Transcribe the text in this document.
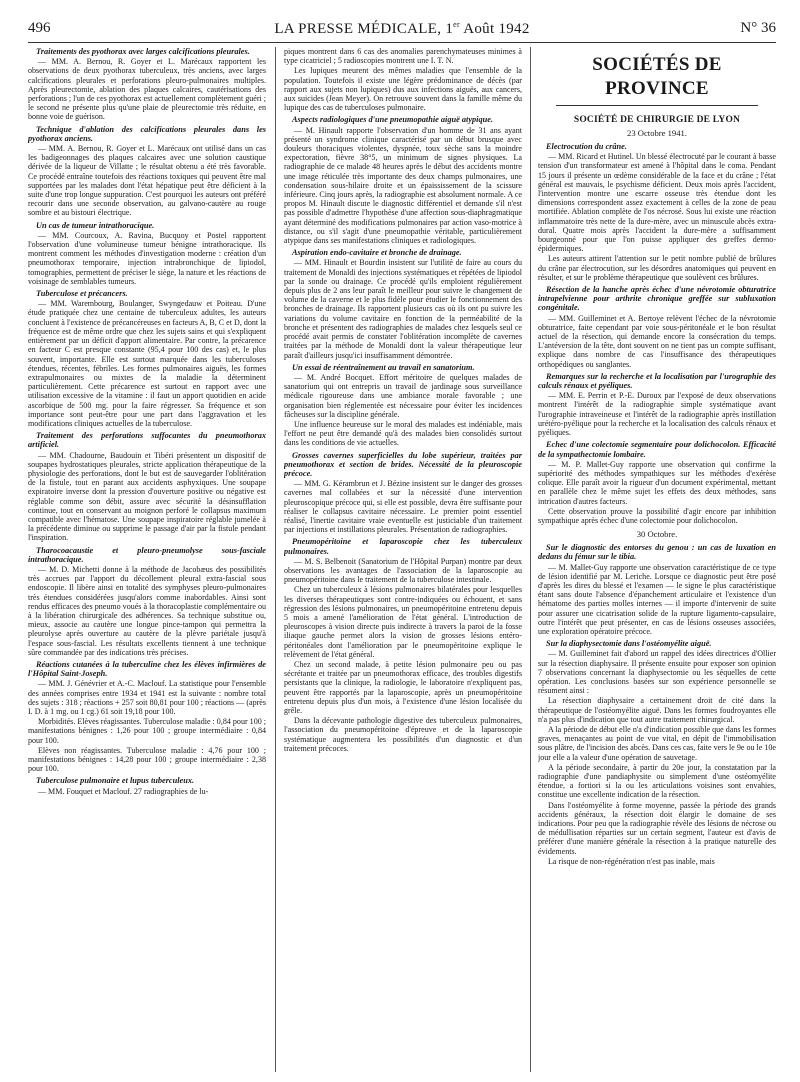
496	LA PRESSE MÉDICALE, 1er Août 1942	N° 36
Traitements des pyothorax avec larges calcifications pleurales.

— MM. A. Bernou, R. Goyer et L. Marécaux rapportent les observations de deux pyothorax tuberculeux, très anciens, avec larges calcifications pleurales et perforations pleuro-pulmonaires multiples. Après pleurectomie, ablation des plaques calcaires, cautérisations des perforations ; l'un de ces pyothorax est actuellement complètement guéri ; le second ne présente plus qu'une plaie de pleurectomie très réduite, en bonne voie de guérison.

Technique d'ablation des calcifications pleurales dans les pyothorax anciens.

— MM. A. Bernou, R. Goyer et L. Marécaux ont utilisé dans un cas les badigeonnages des plaques calcaires avec une solution caustique dérivée de la liqueur de Villatte ; le résultat obtenu a été très favorable. Ce procédé entraîne toutefois des réactions toxiques qui peuvent être mal supportées par les malades dont l'état hépatique peut être déficient à la suite d'une trop longue suppuration. C'est pourquoi les auteurs ont préféré recourir dans une seconde observation, au galvano-cautère au rouge sombre et au bistouri électrique.

Un cas de tumeur intrathoracique.

— MM. Courcoux, A. Ravina, Bucquoy et Postel rapportent l'observation d'une volumineuse tumeur bénigne intrathoracique. Ils montrent comment les méthodes d'investigation moderne : création d'un pneumothorax temporaire, injection intrabronchique de lipiodol, tomographies, permettent de préciser le siège, la nature et les réactions de voisinage de semblables tumeurs.

Tuberculose et précancers.

— MM. Warembourg, Boulanger, Swyngedauw et Poiteau. D'une étude pratiquée chez une centaine de tuberculeux adultes, les auteurs concluent à l'existence de précancéreuses en facteurs A, B, C et D, dont la fréquence est de même ordre que chez les sujets sains et qui s'expliquent entièrement par un déficit d'apport alimentaire. Par contre, la précarence en facteur C est presque constante (95,4 pour 100 des cas) et, le plus souvent, importante. Elle est surtout marquée dans les tuberculoses étendues, récentes, fébriles. Les formes pulmonaires aiguës, les formes extrapulmonaires ou mixtes de la maladie la déterminent particulièrement. Cette précarence est surtout en rapport avec une utilisation excessive de la vitamine : il faut un apport quotidien en acide ascorbique de 500 mg. pour la faire régresser. Sa fréquence et son importance sont peut-être pour une part dans l'aggravation et les modifications cliniques actuelles de la tuberculose.

Traitement des perforations suffocantes du pneumothorax artificiel.

— MM. Chadourne, Baudouin et Tibéri présentent un dispositif de soupapes hydrostatiques pleurales, stricte application thérapeutique de la physiologie des perforations, dont le but est de sauvegarder l'oblitération de la fistule, tout en parant aux accidents asphyxiques. Une soupape expiratoire inverse dont la pression d'ouverture positive ou négative est réglable comme son débit, assure avec sécurité la désinsufflation continue, tout en conservant au moignon perforé le collapsus maximum compatible avec l'hématose. Une soupape inspiratoire réglable jumelée à la précédente diminue ou supprime le passage d'air par la fistule pendant l'inspiration.

Tharocoacaustie et pleuro-pneumolyse sous-fasciale intrathoracique.

— M. D. Michetti donne à la méthode de Jacobæus des possibilités très accrues par l'apport du décollement pleural extra-fascial sous endoscopie. Il libère ainsi en totalité des symphyses pleuro-pulmonaires très étendues considérées jusqu'alors comme inabordables. Ainsi sont rendus efficaces des pneumo voués à la thoracoplastie complémentaire ou à la libération chirurgicale des adhérences. Sa technique substitue ou, mieux, associe au cautère une longue pince-tampon qui permettra la pleurolyse après ouverture au cautère de la plèvre pariétale jusqu'à l'espace sous-fascial. Les résultats excellents tiennent à une technique sûre commandée par des indications très précises.

Réactions cutanées à la tuberculine chez les élèves infirmières de l'Hôpital Saint-Joseph.

— MM. J. Génévrier et A.-C. Maclouf. La statistique pour l'ensemble des années comprises entre 1934 et 1941 est la suivante : nombre total des sujets : 318 ; réactions + 257 soit 80,81 pour 100 ; réactions — (après I. D. à 1 mg. ou 1 cg.) 61 soit 19,18 pour 100.

Morbidités. Elèves réagissantes. Tuberculose maladie : 0,84 pour 100 ; manifestations bénignes : 1,26 pour 100 ; groupe intermédiaire : 0,84 pour 100.

Elèves non réagissantes. Tuberculose maladie : 4,76 pour 100 ; manifestations bénignes : 14,28 pour 100 ; groupe intermédiaire : 2,38 pour 100.

Tuberculose pulmonaire et lupus tuberculeux.

— MM. Fouquet et Maclouf. 27 radiographies de lu-

piques montrent dans 6 cas des anomalies parenchymateuses minimes à type cicatriciel ; 5 radioscopies montrent une I. T. N.

Les lupiques meurent des mêmes maladies que l'ensemble de la population. Toutefois il existe une légère prédominance de décès (par rapport aux sujets non lupiques) dus aux infections aiguës, aux cancers, aux suicides (Jean Meyer). On retrouve souvent dans la famille même du lupique des cas de tuberculoses pulmonaire.

Aspects radiologiques d'une pneumopathie aiguë atypique.

— M. Hinault rapporte l'observation d'un homme de 31 ans ayant présenté un syndrome clinique caractérisé par un début brusque avec douleurs thoraciques violentes, dyspnée, toux sèche sans la moindre expectoration, fièvre 38°5, un minimum de signes physiques. La radiographie de ce malade 48 heures après le début des accidents montre une image réticulée très importante des deux champs pulmonaires, une condensation sous-hilaire droite et un épaississement de la scissure inférieure. Cinq jours après, la radiographie est absolument normale. A ce propos M. Hinault discute le diagnostic différentiel et demande s'il n'est pas possible d'admettre l'hypothèse d'une affection sous-diaphragmatique ayant déterminé des modifications pulmonaires par action vaso-motrice à distance, ou s'il s'agit d'une pneumopathie véritable, particulièrement atypique dans ses manifestations cliniques et radiologiques.

Aspiration endo-cavitaire et bronche de drainage.

— MM. Hinault et Bourdin insistent sur l'utilité de faire au cours du traitement de Monaldi des injections systématiques et répétées de lipiodol par la sonde ou drainage. Ce procédé qu'ils emploient régulièrement depuis plus de 2 ans leur paraît le meilleur pour suivre le changement de volume de la caverne et le plus fidèle pour étudier le fonctionnement des bronches de drainage. Ils rapportent plusieurs cas où ils ont pu suivre les variations du volume cavitaire en fonction de la perméabilité de la bronche et présentent des radiographies de malades chez lesquels seul ce procédé avait permis de constater l'oblitération incomplète de cavernes traitées par la méthode de Monaldi dont la valeur thérapeutique leur paraît d'ailleurs jusqu'ici insuffisamment démontrée.

Un essai de réentraînement au travail en sanatorium.

— M. André Bocquet. Effort méritoire de quelques malades de sanatorium qui ont entrepris un travail de jardinage sous surveillance médicale rigoureuse dans une ambiance morale favorable ; une organisation bien réglementée est nécessaire pour éviter les incidences fâcheuses sur la discipline générale.

Une influence heureuse sur le moral des malades est indéniable, mais l'effort ne peut être demandé qu'à des malades bien consolidés surtout dans les conditions de vie actuelles.

Grosses cavernes superficielles du lobe supérieur, traitées par pneumothorax et section de brides. Nécessité de la pleuroscopie précoce.

— MM. G. Kérambrun et J. Bézine insistent sur le danger des grosses cavernes mal collabées et sur la nécessité d'une intervention pleuroscopique précoce qui, si elle est possible, devra être suffisante pour réaliser le collapsus cavitaire nécessaire. Le premier point essentiel réalisé, l'inertie cavitaire vraie eventuelle est justiciable d'un traitement par injections et instillations pleurales. Présentation de radiographies.

Pneumopéritoine et laparoscopie chez les tuberculeux pulmonaires.

— M. S. Belbenoit (Sanatorium de l'Hôpital Purpan) montre par deux observations les avantages de l'association de la laparoscopie au pneumopéritoine dans le traitement de la tuberculose intestinale.

Chez un tuberculeux à lésions pulmonaires bilatérales pour lesquelles les diverses thérapeutiques sont contre-indiquées ou échouent, et sans régression des lésions pulmonaires, un pneumopéritoine entretenu depuis 5 mois a amené l'amélioration de l'état général. L'introduction de pleuroscopes à vision directe puis indirecte à travers la paroi de la fosse iliaque gauche permet alors la vision de grosses lésions entéro-péritonéales dont l'amélioration par le pneumopéritoine explique le relèvement de l'état général.

Chez un second malade, à petite lésion pulmonaire peu ou pas sécrétante et traitée par un pneumothorax efficace, des troubles digestifs persistants que la clinique, la radiologie, le laboratoire n'expliquent pas, peuvent être rapportés par la laparoscopie, après un pneumopéritoine entretenu depuis plus d'un mois, à l'existence d'une lésion localisée du grêle.

Dans la décevante pathologie digestive des tuberculeux pulmonaires, l'association du pneumopéritoine d'épreuve et de la laparoscopie systématique augmentera les possibilités d'un diagnostic et d'un traitement précoces.

SOCIÉTÉS DE PROVINCE
SOCIÉTÉ DE CHIRURGIE DE LYON
23 Octobre 1941.
Electrocution du crâne.

— MM. Ricard et Hutinel. Un blessé électrocuté par le courant à basse tension d'un transformateur est amené à l'hôpital dans le coma. Pendant 15 jours il présente un œdème considérable de la face et du crâne ; l'état général est mauvais, le psychisme déficient. Deux mois après l'accident, l'intervention montre une escarre osseuse très étendue dont les dimensions correspondent assez exactement à celles de la zone de peau mortifiée. Ablation complète de l'os nécrosé. Sous lui existe une réaction inflammatoire très nette de la dure-mère, avec un minuscule abcès extra-dural. Quatre mois après l'accident la dure-mère a suffisamment bourgeonné pour que l'on puisse appliquer des greffes dermo-épidermiques.

Les auteurs attirent l'attention sur le petit nombre publié de brûlures du crâne par électrocution, sur les désordres anatomiques qui peuvent en résulter, et sur le problème thérapeutique que soulèvent ces brûlures.

Résection de la hanche après échec d'une névrotomie obturatrice intrapelvienne pour arthrite chronique greffée sur subluxation congénitale.

— MM. Guilleminet et A. Bertoye relèvent l'échec de la névrotomie obturatrice, faite cependant par voie sous-péritonéale et le bon résultat actuel de la résection, qui demande encore la consécration du temps. L'antéversion de la tête, dont souvent on ne tient pas un compte suffisant, explique dans nombre de cas l'insuffisance des thérapeutiques orthopédiques ou sanglantes.

Remarques sur la recherche et la localisation par l'urographie des calculs rénaux et pyéliques.

— MM. E. Perrin et P.-E. Duroux par l'exposé de deux observations montrent l'intérêt de la radiographie simple systématique avant l'urographie intraveineuse et l'intérêt de la radiographie après instillation urétéro-pyélique pour la recherche et la localisation des calculs rénaux et pyéliques.

Echec d'une colectomie segmentaire pour dolichocolon. Efficacité de la sympathectomie lombaire.

— M. P. Mallet-Guy rapporte une observation qui confirme la supériorité des méthodes sympathiques sur les méthodes d'exérèse colique. Elle paraît avoir la rigueur d'un document expérimental, mettant en parallèle chez le même sujet les effets des deux méthodes, sans intrication d'autres facteurs.

Cette observation prouve la possibilité d'agir encore par inhibition sympathique après échec d'une colectomie pour dolichocolon.

30 Octobre.
Sur le diagnostic des entorses du genou : un cas de luxation en dedans du fémur sur le tibia.

— M. Mallet-Guy rapporte une observation caractéristique de ce type de lésion identifié par M. Leriche. Lorsque ce diagnostic peut être posé d'après les dires du blessé et l'examen — le signe le plus caractéristique étant sans doute l'absence d'épanchement articulaire et l'existence d'un hématome des parties molles internes — il importe d'intervenir de suite pour assurer une cicatrisation solide de la rupture ligamento-capsulaire, outre l'intérêt que peut présenter, en cas de lésions osseuses associées, une exploration opératoire précoce.

Sur la diaphysectomie dans l'ostéomyélite aiguë.

— M. Guilleminet fait d'abord un rappel des idées directrices d'Ollier sur la résection diaphysaire. Il présente ensuite pour exposer son opinion 7 observations concernant la diaphysectomie ou les séquelles de cette opération. Les conclusions basées sur son expérience personnelle se résument ainsi :

La résection diaphysaire a certainement droit de cité dans la thérapeutique de l'ostéomyélite aiguë. Dans les formes foudroyantes elle n'a pas plus d'indication que tout autre traitement chirurgical.

A la période de début elle n'a d'indication possible que dans les formes graves, menaçantes au point de vue vital, en dépit de l'immobilisation sous plâtre, de l'incision des abcès. Dans ces cas, faite vers le 9e ou le 10e jour elle a la valeur d'une opération de sauvetage.

A la période secondaire, à partir du 20e jour, la constatation par la radiographie d'une pandiaphysite ou simplement d'une ostéomyélite étendue, a fortiori si la ou les articulations voisines sont envahies, constitue une excellente indication de la résection.

Dans l'ostéomyélite à forme moyenne, passée la période des grands accidents généraux, la résection doit élargir le domaine de ses indications. Pour peu que la radiographie révèle des lésions de nécrose ou de médullisation réparties sur un certain segment, l'auteur est d'avis de préférer d'une manière générale la résection à la pratique naturelle des évidements.

La risque de non-régénération n'est pas inable, mais
